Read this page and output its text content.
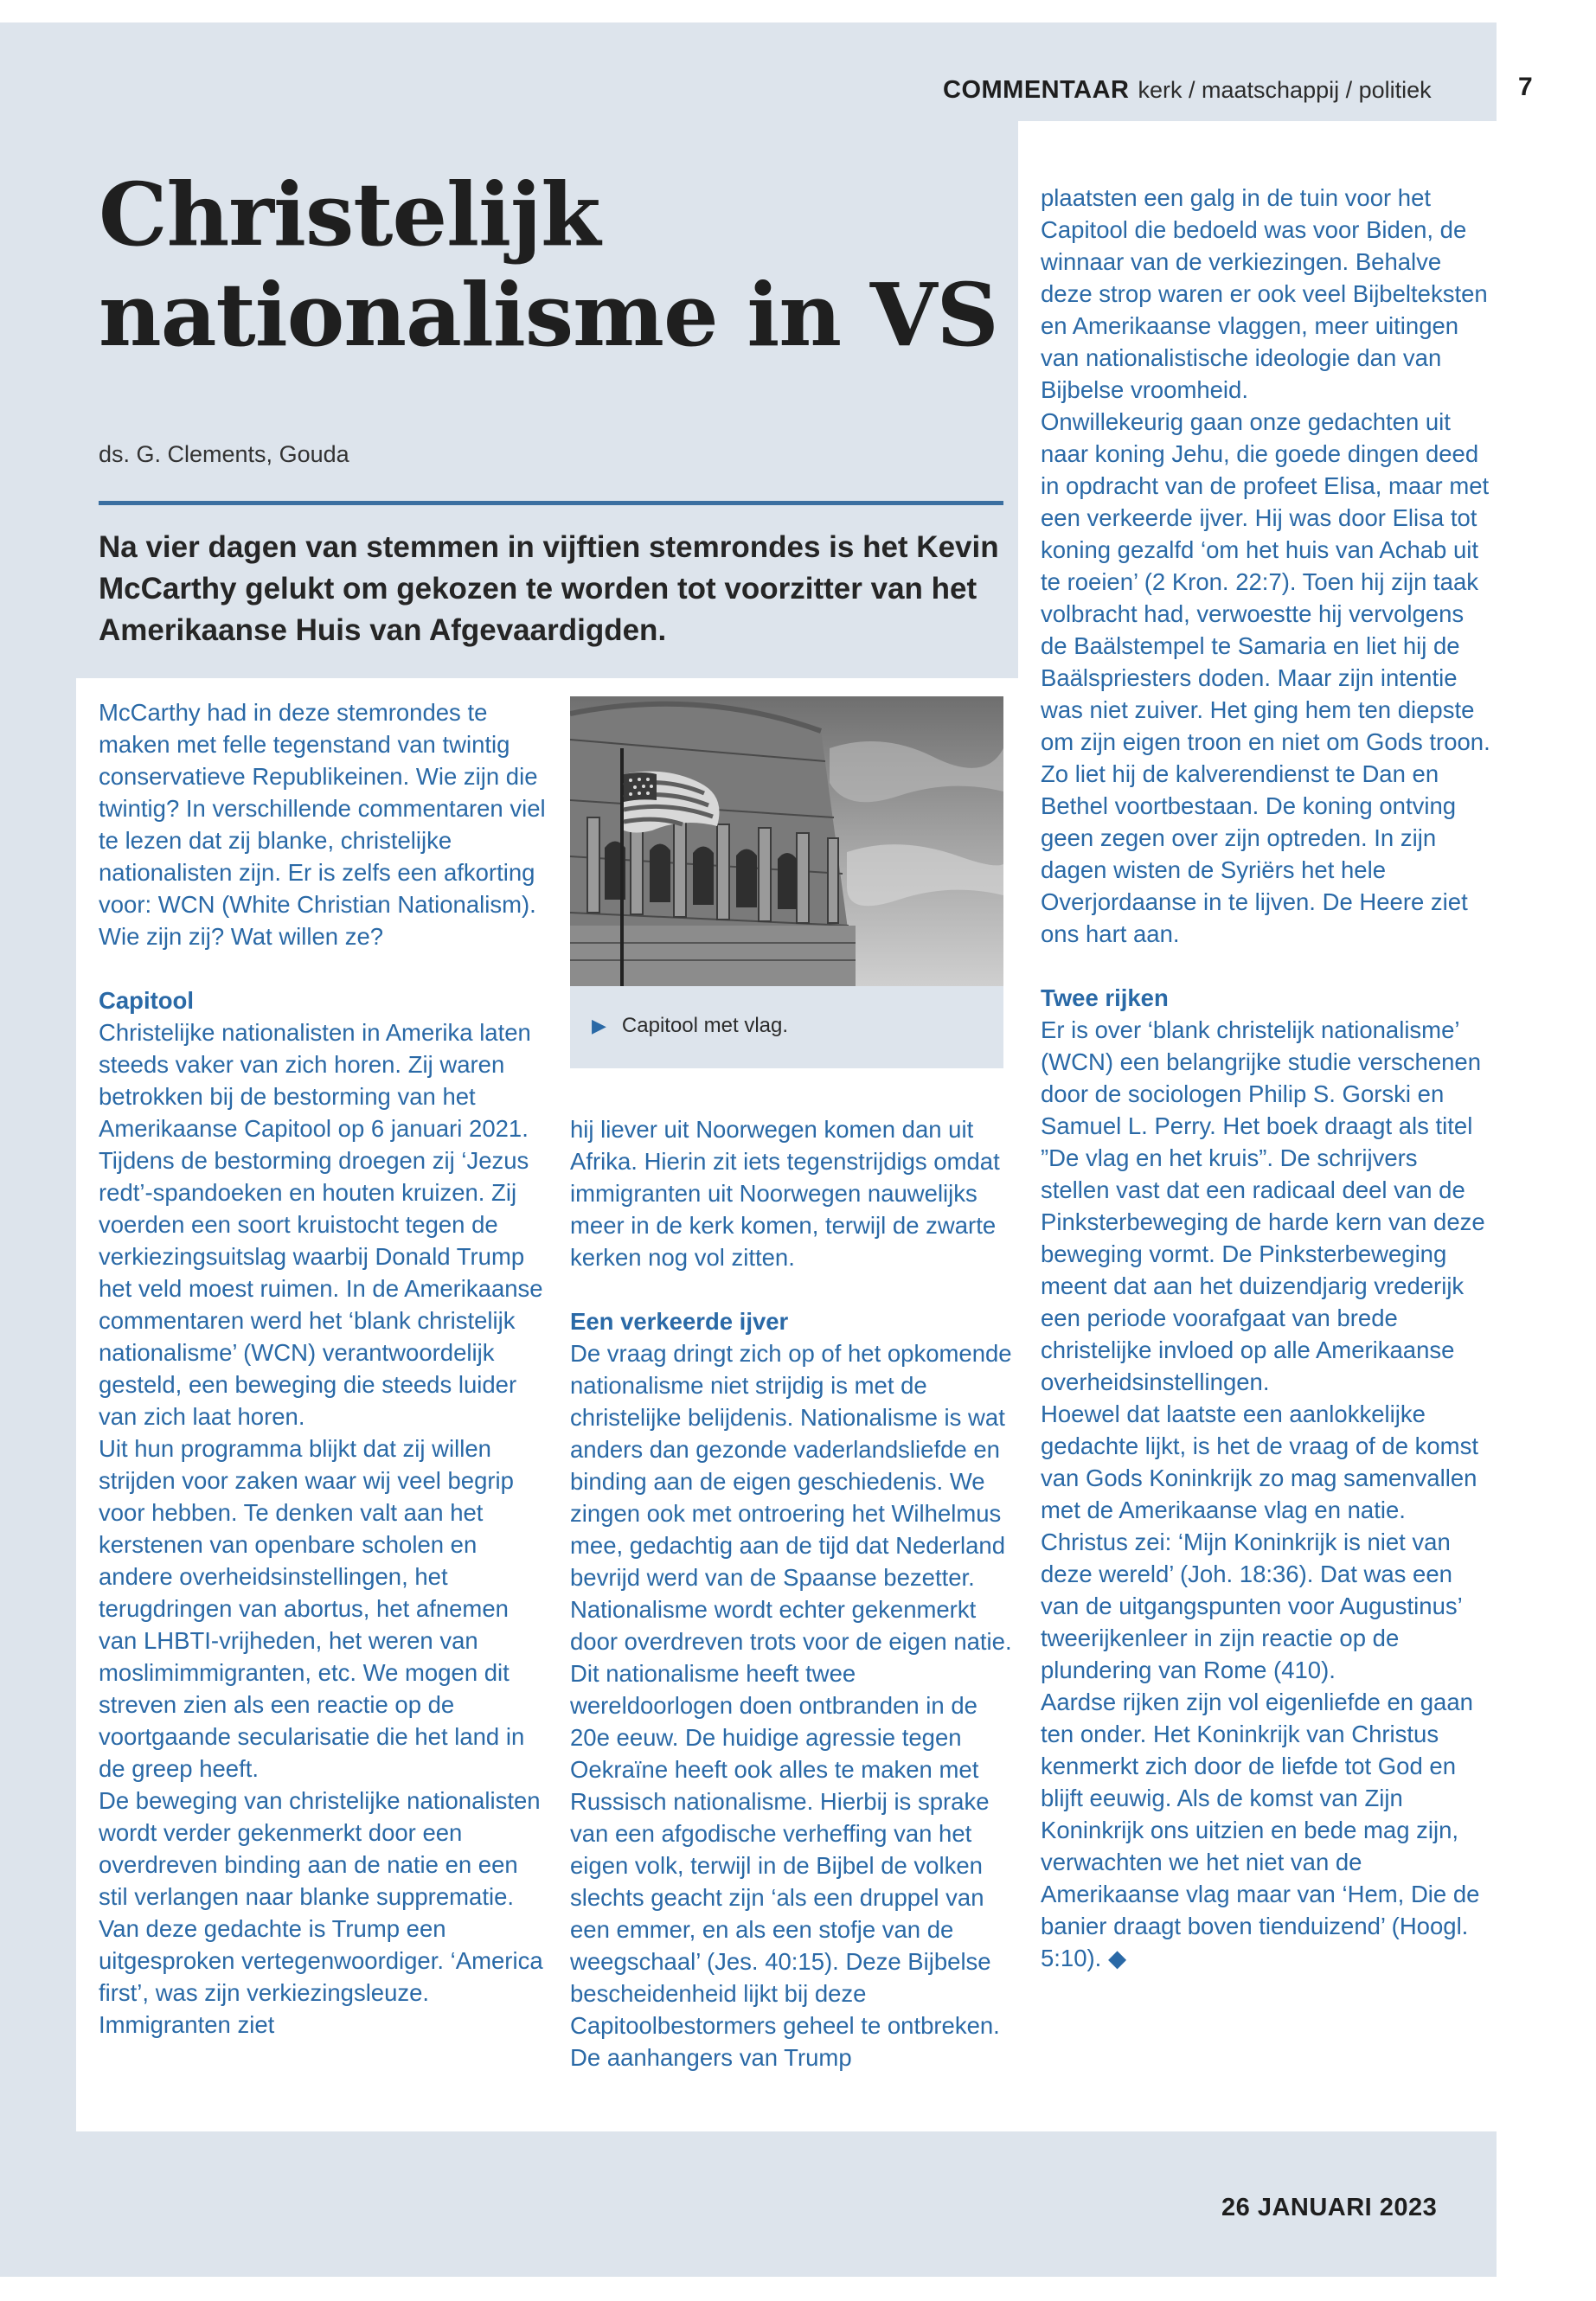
COMMENTAAR kerk / maatschappij / politiek	7
Christelijk nationalisme in VS
ds. G. Clements, Gouda

Na vier dagen van stemmen in vijftien stemrondes is het Kevin McCarthy gelukt om gekozen te worden tot voorzitter van het Amerikaanse Huis van Afgevaardigden.

McCarthy had in deze stemrondes te maken met felle tegenstand van twintig conservatieve Republikeinen. Wie zijn die twintig? In verschillende commentaren viel te lezen dat zij blanke, christelijke nationalisten zijn. Er is zelfs een afkorting voor: WCN (White Christian Nationalism). Wie zijn zij? Wat willen ze?

Capitool

Christelijke nationalisten in Amerika laten steeds vaker van zich horen. Zij waren betrokken bij de bestorming van het Amerikaanse Capitool op 6 januari 2021. Tijdens de bestorming droegen zij ‘Jezus redt’-spandoeken en houten kruizen. Zij voerden een soort kruistocht tegen de verkiezingsuitslag waarbij Donald Trump het veld moest ruimen. In de Amerikaanse commentaren werd het ‘blank christelijk nationalisme’ (WCN) verantwoordelijk gesteld, een beweging die steeds luider van zich laat horen.

Uit hun programma blijkt dat zij willen strijden voor zaken waar wij veel begrip voor hebben. Te denken valt aan het kerstenen van openbare scholen en andere overheidsinstellingen, het terugdringen van abortus, het afnemen van LHBTI-vrijheden, het weren van moslimimmigranten, etc. We mogen dit streven zien als een reactie op de voortgaande secularisatie die het land in de greep heeft.

De beweging van christelijke nationalisten wordt verder gekenmerkt door een overdreven binding aan de natie en een stil verlangen naar blanke supprematie. Van deze gedachte is Trump een uitgesproken vertegenwoordiger. ‘America first’, was zijn verkiezingsleuze. Immigranten ziet

▶ Capitool met vlag.

hij liever uit Noorwegen komen dan uit Afrika. Hierin zit iets tegenstrijdigs omdat immigranten uit Noorwegen nauwelijks meer in de kerk komen, terwijl de zwarte kerken nog vol zitten.

Een verkeerde ijver

De vraag dringt zich op of het opkomende nationalisme niet strijdig is met de christelijke belijdenis. Nationalisme is wat anders dan gezonde vaderlandsliefde en binding aan de eigen geschiedenis. We zingen ook met ontroering het Wilhelmus mee, gedachtig aan de tijd dat Nederland bevrijd werd van de Spaanse bezetter. Nationalisme wordt echter gekenmerkt door overdreven trots voor de eigen natie. Dit nationalisme heeft twee wereldoorlogen doen ontbranden in de 20e eeuw. De huidige agressie tegen Oekraïne heeft ook alles te maken met Russisch nationalisme. Hierbij is sprake van een afgodische verheffing van het eigen volk, terwijl in de Bijbel de volken slechts geacht zijn ‘als een druppel van een emmer, en als een stofje van de weegschaal’ (Jes. 40:15). Deze Bijbelse bescheidenheid lijkt bij deze Capitoolbestormers geheel te ontbreken. De aanhangers van Trump

plaatsten een galg in de tuin voor het Capitool die bedoeld was voor Biden, de winnaar van de verkiezingen. Behalve deze strop waren er ook veel Bijbelteksten en Amerikaanse vlaggen, meer uitingen van nationalistische ideologie dan van Bijbelse vroomheid.

Onwillekeurig gaan onze gedachten uit naar koning Jehu, die goede dingen deed in opdracht van de profeet Elisa, maar met een verkeerde ijver. Hij was door Elisa tot koning gezalfd ‘om het huis van Achab uit te roeien’ (2 Kron. 22:7). Toen hij zijn taak volbracht had, verwoestte hij vervolgens de Baälstempel te Samaria en liet hij de Baälspriesters doden. Maar zijn intentie was niet zuiver. Het ging hem ten diepste om zijn eigen troon en niet om Gods troon. Zo liet hij de kalverendienst te Dan en Bethel voortbestaan. De koning ontving geen zegen over zijn optreden. In zijn dagen wisten de Syriërs het hele Overjordaanse in te lijven. De Heere ziet ons hart aan.

Twee rijken

Er is over ‘blank christelijk nationalisme’ (WCN) een belangrijke studie verschenen door de sociologen Philip S. Gorski en Samuel L. Perry. Het boek draagt als titel ”De vlag en het kruis”. De schrijvers stellen vast dat een radicaal deel van de Pinksterbeweging de harde kern van deze beweging vormt. De Pinksterbeweging meent dat aan het duizendjarig vrederijk een periode voorafgaat van brede christelijke invloed op alle Amerikaanse overheidsinstellingen.

Hoewel dat laatste een aanlokkelijke gedachte lijkt, is het de vraag of de komst van Gods Koninkrijk zo mag samenvallen met de Amerikaanse vlag en natie. Christus zei: ‘Mijn Koninkrijk is niet van deze wereld’ (Joh. 18:36). Dat was een van de uitgangspunten voor Augustinus’ tweerijkenleer in zijn reactie op de plundering van Rome (410).

Aardse rijken zijn vol eigenliefde en gaan ten onder. Het Koninkrijk van Christus kenmerkt zich door de liefde tot God en blijft eeuwig. Als de komst van Zijn Koninkrijk ons uitzien en bede mag zijn, verwachten we het niet van de Amerikaanse vlag maar van ‘Hem, Die de banier draagt boven tienduizend’ (Hoogl. 5:10). ◆

26 JANUARI 2023
